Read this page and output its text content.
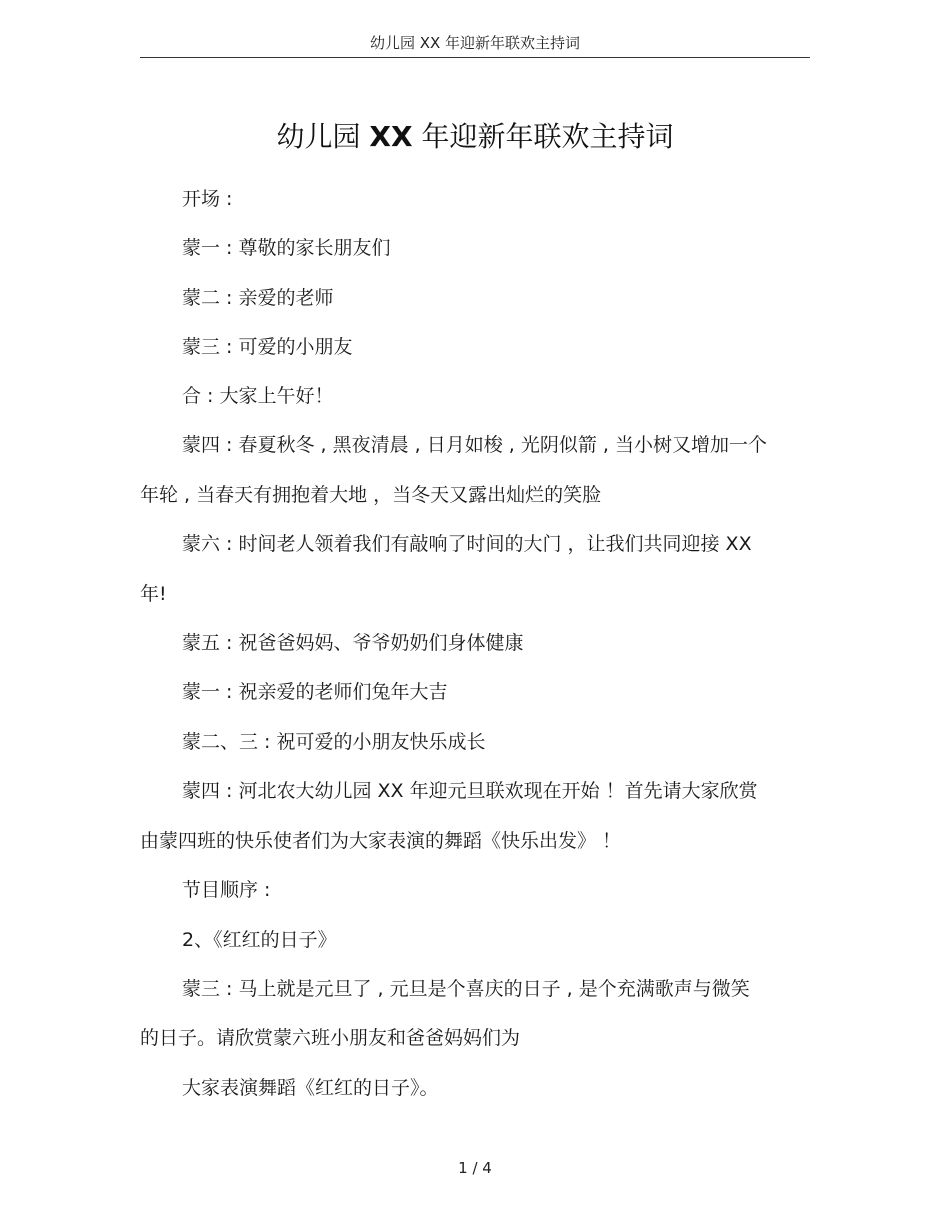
幼儿园 XX 年迎新年联欢主持词
幼儿园 XX 年迎新年联欢主持词
开场 :
蒙一 : 尊敬的家长朋友们
蒙二 : 亲爱的老师
蒙三 : 可爱的小朋友
合 : 大家上午好！
蒙四 : 春夏秋冬 , 黑夜清晨 , 日月如梭 , 光阴似箭 , 当小树又增加一个
年轮 , 当春天有拥抱着大地 ，当冬天又露出灿烂的笑脸
蒙六 : 时间老人领着我们有敲响了时间的大门 ，让我们共同迎接 XX
年!
蒙五 : 祝爸爸妈妈、爷爷奶奶们身体健康
蒙一 : 祝亲爱的老师们兔年大吉
蒙二、三 : 祝可爱的小朋友快乐成长
蒙四 : 河北农大幼儿园 XX 年迎元旦联欢现在开始 ！首先请大家欣赏
由蒙四班的快乐使者们为大家表演的舞蹈《快乐出发》 ！
节目顺序 :
2、《红红的日子》
蒙三 : 马上就是元旦了 , 元旦是个喜庆的日子 , 是个充满歌声与微笑
的日子。请欣赏蒙六班小朋友和爸爸妈妈们为
大家表演舞蹈《红红的日子》。
1 / 4
